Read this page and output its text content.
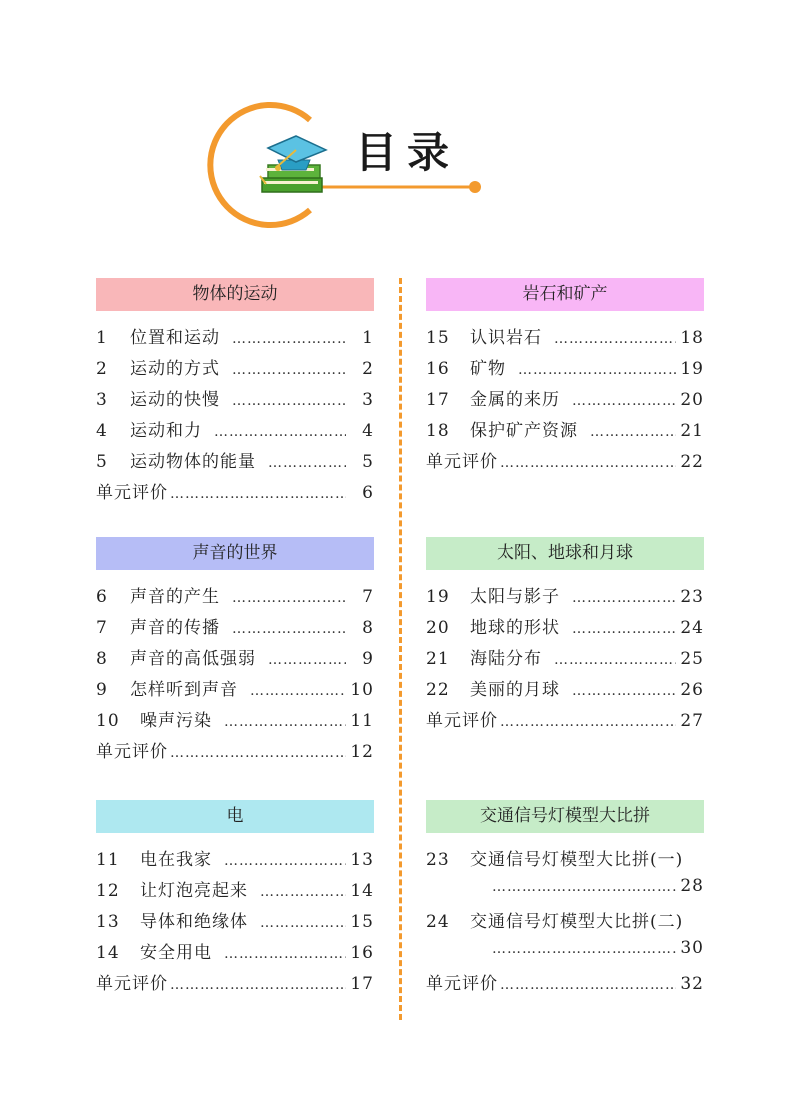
目录
物体的运动
1	位置和运动 ………………………………………………………………………………	1
2	运动的方式 ………………………………………………………………………………	2
3	运动的快慢 ………………………………………………………………………………	3
4	运动和力 ………………………………………………………………………………	4
5	运动物体的能量 ………………………………………………………………………………	5
单元评价 ………………………………………………………………………………	6
声音的世界
6	声音的产生 ………………………………………………………………………………	7
7	声音的传播 ………………………………………………………………………………	8
8	声音的高低强弱 ………………………………………………………………………………	9
9	怎样听到声音 ………………………………………………………………………………	10
10	噪声污染 ………………………………………………………………………………	11
单元评价 ………………………………………………………………………………	12
电
11	电在我家 ………………………………………………………………………………	13
12	让灯泡亮起来 ………………………………………………………………………………	14
13	导体和绝缘体 ………………………………………………………………………………	15
14	安全用电 ………………………………………………………………………………	16
单元评价 ………………………………………………………………………………	17
岩石和矿产
15	认识岩石 ………………………………………………………………………………	18
16	矿物 ………………………………………………………………………………	19
17	金属的来历 ………………………………………………………………………………	20
18	保护矿产资源 ………………………………………………………………………………	21
单元评价 ………………………………………………………………………………	22
太阳、地球和月球
19	太阳与影子 ………………………………………………………………………………	23
20	地球的形状 ………………………………………………………………………………	24
21	海陆分布 ………………………………………………………………………………	25
22	美丽的月球 ………………………………………………………………………………	26
单元评价 ………………………………………………………………………………	27
交通信号灯模型大比拼
23	交通信号灯模型大比拼(一)
………………………………………………………………………………
28
24	交通信号灯模型大比拼(二)
………………………………………………………………………………
30
单元评价 ………………………………………………………………………………	32
